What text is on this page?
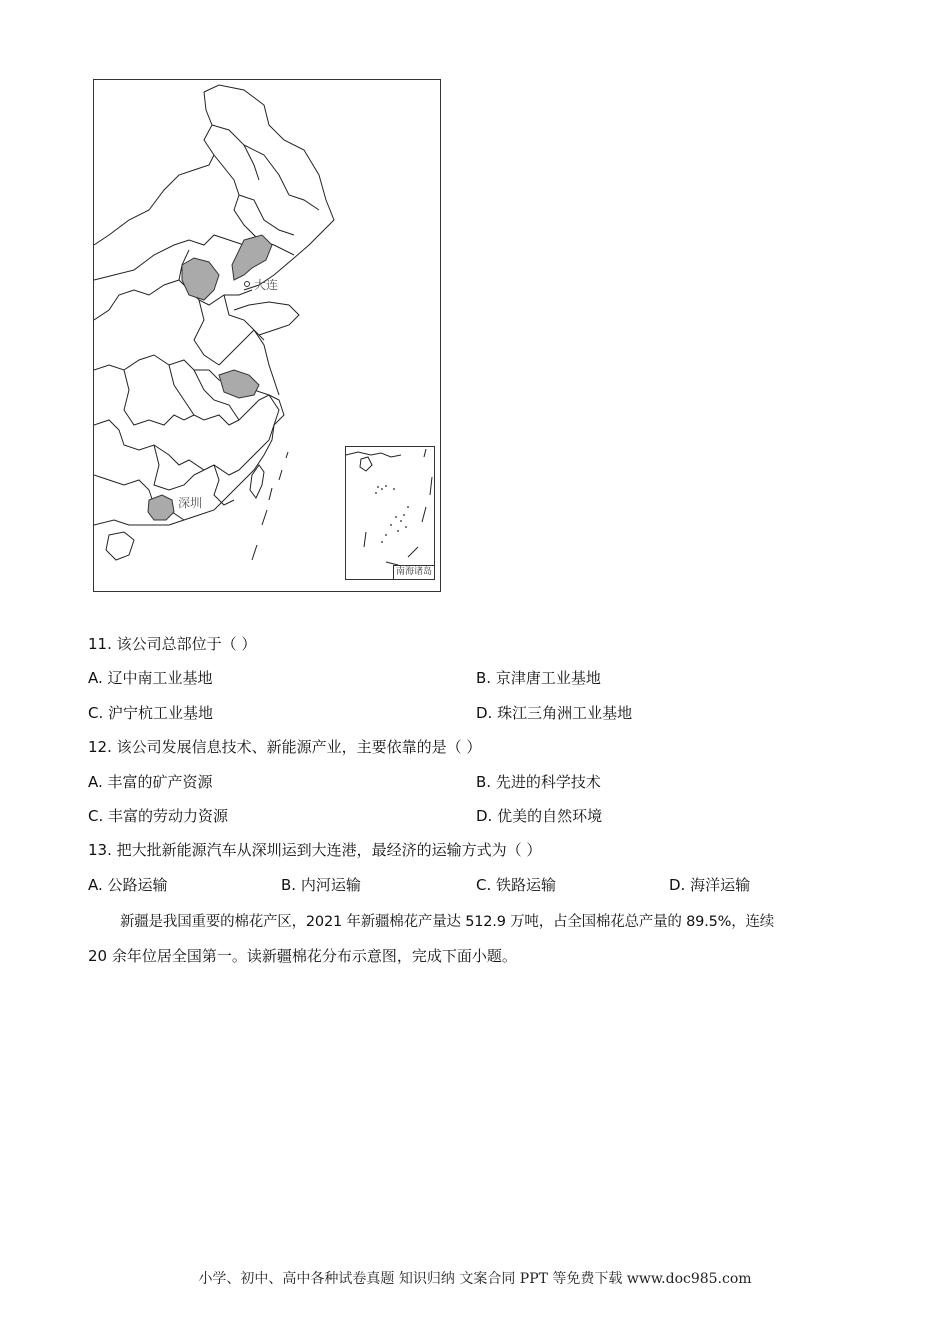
大连
深圳
南海诸岛
11. 该公司总部位于（ ）
A. 辽中南工业基地	B. 京津唐工业基地
C. 沪宁杭工业基地	D. 珠江三角洲工业基地
12. 该公司发展信息技术、新能源产业，主要依靠的是（ ）
A. 丰富的矿产资源	B. 先进的科学技术
C. 丰富的劳动力资源	D. 优美的自然环境
13. 把大批新能源汽车从深圳运到大连港，最经济的运输方式为（ ）
A. 公路运输	B. 内河运输	C. 铁路运输	D. 海洋运输
新疆是我国重要的棉花产区，2021 年新疆棉花产量达 512.9 万吨，占全国棉花总产量的 89.5%，连续
20 余年位居全国第一。读新疆棉花分布示意图，完成下面小题。
小学、初中、高中各种试卷真题 知识归纳 文案合同 PPT 等免费下载 www.doc985.com
